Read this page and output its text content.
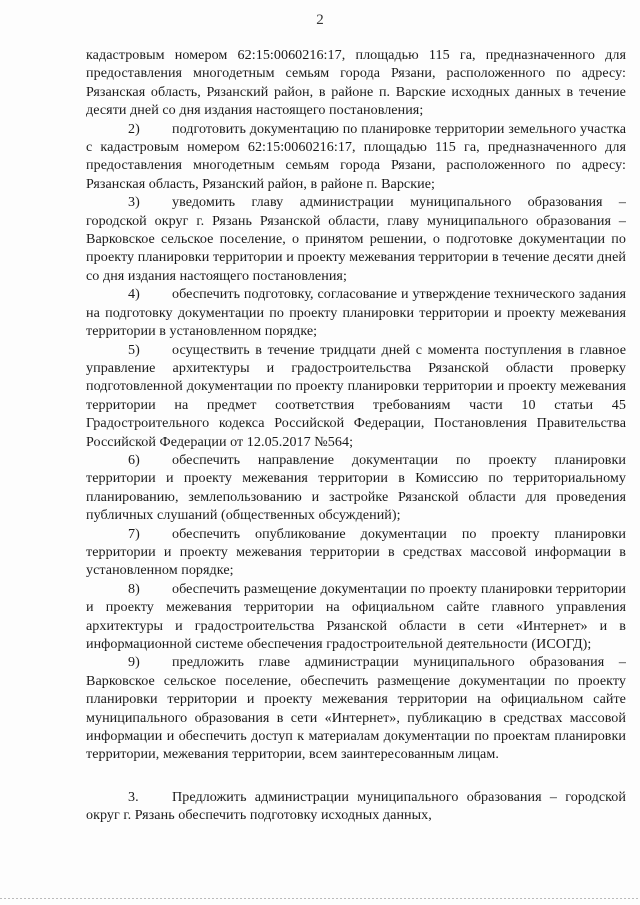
2

кадастровым номером 62:15:0060216:17, площадью 115 га, предназначенного для предоставления многодетным семьям города Рязани, расположенного по адресу: Рязанская область, Рязанский район, в районе п. Варские исходных данных в течение десяти дней со дня издания настоящего постановления;

2) подготовить документацию по планировке территории земельного участка с кадастровым номером 62:15:0060216:17, площадью 115 га, предназначенного для предоставления многодетным семьям города Рязани, расположенного по адресу: Рязанская область, Рязанский район, в районе п. Варские;

3) уведомить главу администрации муниципального образования – городской округ г. Рязань Рязанской области, главу муниципального образования – Варковское сельское поселение, о принятом решении, о подготовке документации по проекту планировки территории и проекту межевания территории в течение десяти дней со дня издания настоящего постановления;

4) обеспечить подготовку, согласование и утверждение технического задания на подготовку документации по проекту планировки территории и проекту межевания территории в установленном порядке;

5) осуществить в течение тридцати дней с момента поступления в главное управление архитектуры и градостроительства Рязанской области проверку подготовленной документации по проекту планировки территории и проекту межевания территории на предмет соответствия требованиям части 10 статьи 45 Градостроительного кодекса Российской Федерации, Постановления Правительства Российской Федерации от 12.05.2017 №564;

6) обеспечить направление документации по проекту планировки территории и проекту межевания территории в Комиссию по территориальному планированию, землепользованию и застройке Рязанской области для проведения публичных слушаний (общественных обсуждений);

7) обеспечить опубликование документации по проекту планировки территории и проекту межевания территории в средствах массовой информации в установленном порядке;

8) обеспечить размещение документации по проекту планировки территории и проекту межевания территории на официальном сайте главного управления архитектуры и градостроительства Рязанской области в сети «Интернет» и в информационной системе обеспечения градостроительной деятельности (ИСОГД);

9) предложить главе администрации муниципального образования – Варковское сельское поселение, обеспечить размещение документации по проекту планировки территории и проекту межевания территории на официальном сайте муниципального образования в сети «Интернет», публикацию в средствах массовой информации и обеспечить доступ к материалам документации по проектам планировки территории, межевания территории, всем заинтересованным лицам.

3. Предложить администрации муниципального образования – городской округ г. Рязань обеспечить подготовку исходных данных,
